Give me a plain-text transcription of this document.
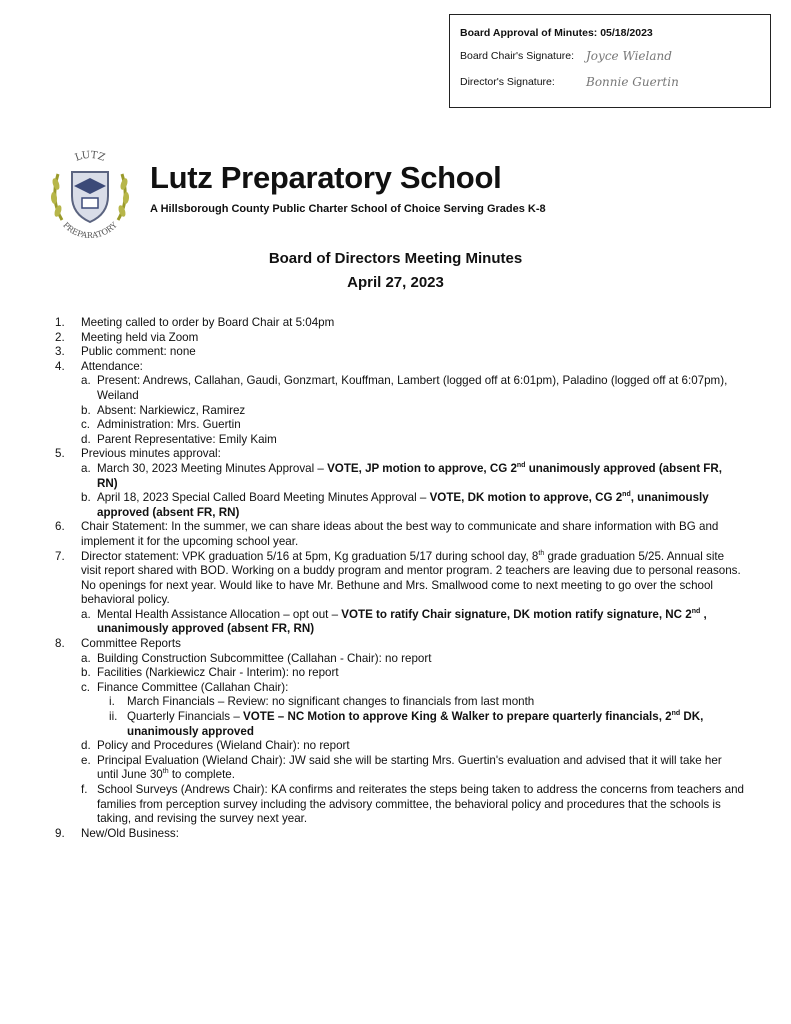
Board Approval of Minutes: 05/18/2023
Board Chair's Signature: Joyce Wieland
Director's Signature:	Bonnie Guertin
LUTZ
PREPARATORY
Lutz Preparatory School
A Hillsborough County Public Charter School of Choice Serving Grades K-8
Board of Directors Meeting Minutes
April 27, 2023
1.	Meeting called to order by Board Chair at 5:04pm
2.	Meeting held via Zoom
3.	Public comment: none
4.	Attendance:
a. Present: Andrews, Callahan, Gaudi, Gonzmart, Kouffman, Lambert (logged off at 6:01pm), Paladino (logged off at 6:07pm), Weiland
b. Absent: Narkiewicz, Ramirez
c. Administration: Mrs. Guertin
d. Parent Representative: Emily Kaim
5.	Previous minutes approval:
a. March 30, 2023 Meeting Minutes Approval – VOTE, JP motion to approve, CG 2nd unanimously approved (absent FR, RN)
b. April 18, 2023 Special Called Board Meeting Minutes Approval – VOTE, DK motion to approve, CG 2nd, unanimously approved (absent FR, RN)
6.	Chair Statement: In the summer, we can share ideas about the best way to communicate and share information with BG and implement it for the upcoming school year.
7.	Director statement: VPK graduation 5/16 at 5pm, Kg graduation 5/17 during school day, 8th grade graduation 5/25. Annual site visit report shared with BOD. Working on a buddy program and mentor program. 2 teachers are leaving due to personal reasons. No openings for next year. Would like to have Mr. Bethune and Mrs. Smallwood come to next meeting to go over the school behavioral policy.
a. Mental Health Assistance Allocation – opt out – VOTE to ratify Chair signature, DK motion ratify signature, NC 2nd , unanimously approved (absent FR, RN)
8.	Committee Reports
a. Building Construction Subcommittee (Callahan - Chair): no report
b. Facilities (Narkiewicz Chair - Interim): no report
c. Finance Committee (Callahan Chair):
i.	March Financials – Review: no significant changes to financials from last month
ii. Quarterly Financials – VOTE – NC Motion to approve King & Walker to prepare quarterly financials, 2nd DK, unanimously approved
d. Policy and Procedures (Wieland Chair): no report
e. Principal Evaluation (Wieland Chair): JW said she will be starting Mrs. Guertin's evaluation and advised that it will take her until June 30th to complete.
f. School Surveys (Andrews Chair): KA confirms and reiterates the steps being taken to address the concerns from teachers and families from perception survey including the advisory committee, the behavioral policy and procedures that the schools is taking, and revising the survey next year.
9.	New/Old Business:
